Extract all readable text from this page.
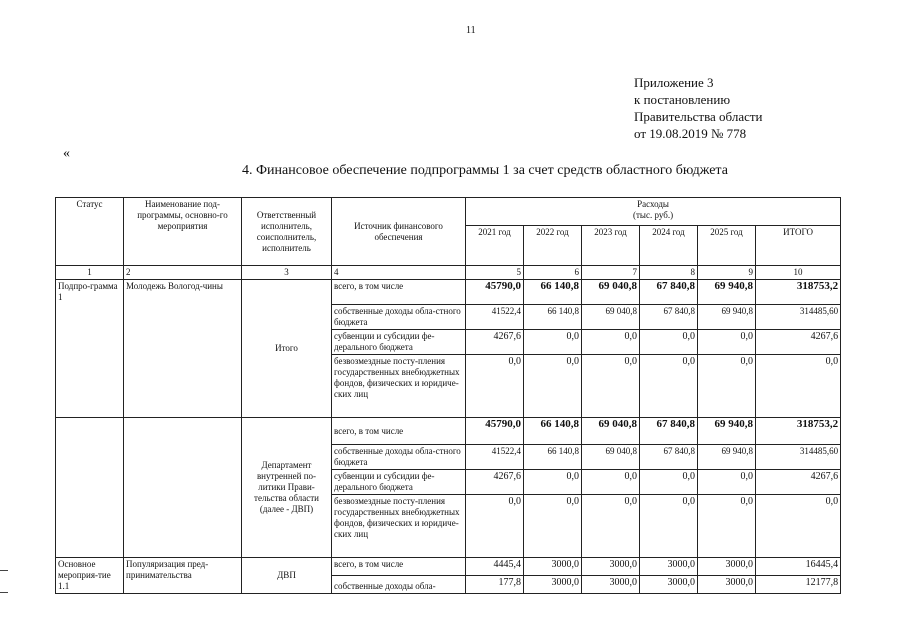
11
Приложение 3
к постановлению
Правительства области
от 19.08.2019 № 778
«
4. Финансовое обеспечение подпрограммы 1 за счет средств областного бюджета
Статус	Наименование под-программы, основно-го мероприятия	Ответственный исполнитель, соисполнитель, исполнитель	Источник финансового обеспечения	Расходы
(тыс. руб.)					

				2021 год	2022 год	2023 год	2024 год	2025 год	ИТОГО
1	2	3	4	5	6	7	8	9	10
Подпро-грамма 1	Молодежь Вологод-чины	Итого	всего, в том числе	45790,0	66 140,8	69 040,8	67 840,8	69 940,8	318753,2
			собственные доходы обла-стного бюджета	41522,4	66 140,8	69 040,8	67 840,8	69 940,8	314485,60
			субвенции и субсидии фе-дерального бюджета	4267,6	0,0	0,0	0,0	0,0	4267,6
			безвозмездные посту-пления государственных внебюджетных фондов, физических и юридиче-ских лиц	0,0	0,0	0,0	0,0	0,0	0,0
		Департамент внутренней по-литики Прави-тельства области (далее - ДВП)	всего, в том числе	45790,0	66 140,8	69 040,8	67 840,8	69 940,8	318753,2
			собственные доходы обла-стного бюджета	41522,4	66 140,8	69 040,8	67 840,8	69 940,8	314485,60
			субвенции и субсидии фе-дерального бюджета	4267,6	0,0	0,0	0,0	0,0	4267,6
			безвозмездные посту-пления государственных внебюджетных фондов, физических и юридиче-ских лиц	0,0	0,0	0,0	0,0	0,0	0,0
Основное мероприя-тие 1.1	Популяризация пред-принимательства	ДВП	всего, в том числе	4445,4	3000,0	3000,0	3000,0	3000,0	16445,4
			собственные доходы обла-	177,8	3000,0	3000,0	3000,0	3000,0	12177,8
